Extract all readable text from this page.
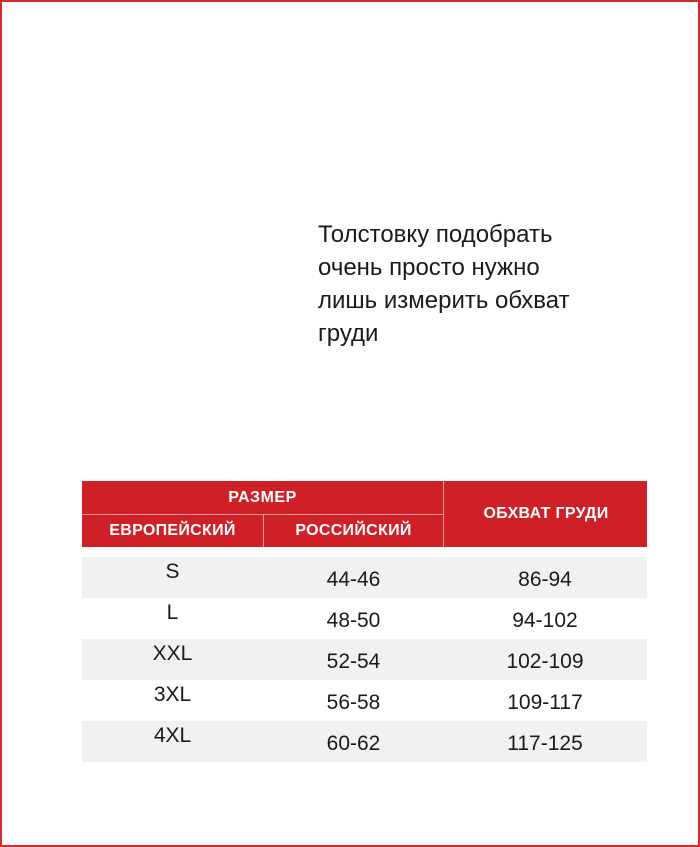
Толстовку подобрать
очень просто нужно
лишь измерить обхват
груди
РАЗМЕР
ЕВРОПЕЙСКИЙ	РОССИЙСКИЙ
ОБХВАТ ГРУДИ
S	44-46	86-94
L	48-50	94-102
XXL	52-54	102-109
3XL	56-58	109-117
4XL	60-62	117-125
